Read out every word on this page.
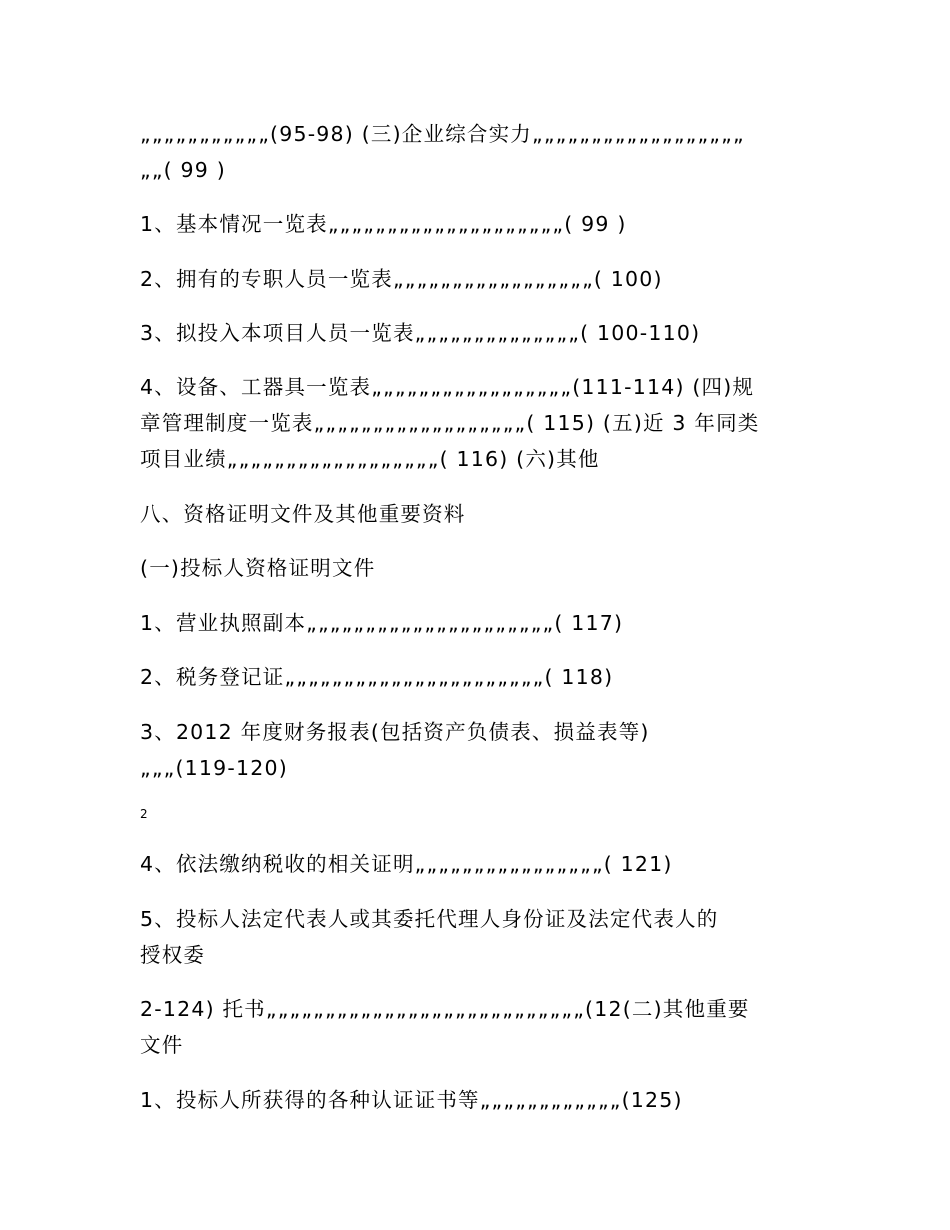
„„„„„„„„„„„(95-98) (三)企业综合实力„„„„„„„„„„„„„„„„„„

„„( 99 )

1、基本情况一览表„„„„„„„„„„„„„„„„„„„„( 99 )

2、拥有的专职人员一览表„„„„„„„„„„„„„„„„„( 100)

3、拟投入本项目人员一览表„„„„„„„„„„„„„„( 100-110)

4、设备、工器具一览表„„„„„„„„„„„„„„„„„(111-114) (四)规

章管理制度一览表„„„„„„„„„„„„„„„„„„( 115) (五)近 3 年同类

项目业绩„„„„„„„„„„„„„„„„„„( 116) (六)其他

八、资格证明文件及其他重要资料

(一)投标人资格证明文件

1、营业执照副本„„„„„„„„„„„„„„„„„„„„„( 117)

2、税务登记证„„„„„„„„„„„„„„„„„„„„„„( 118)

3、2012 年度财务报表(包括资产负债表、损益表等)

„„„(119-120)

2

4、依法缴纳税收的相关证明„„„„„„„„„„„„„„„„( 121)

5、投标人法定代表人或其委托代理人身份证及法定代表人的

授权委

2-124) 托书„„„„„„„„„„„„„„„„„„„„„„„„„„„(12(二)其他重要

文件

1、投标人所获得的各种认证证书等„„„„„„„„„„„„(125)
